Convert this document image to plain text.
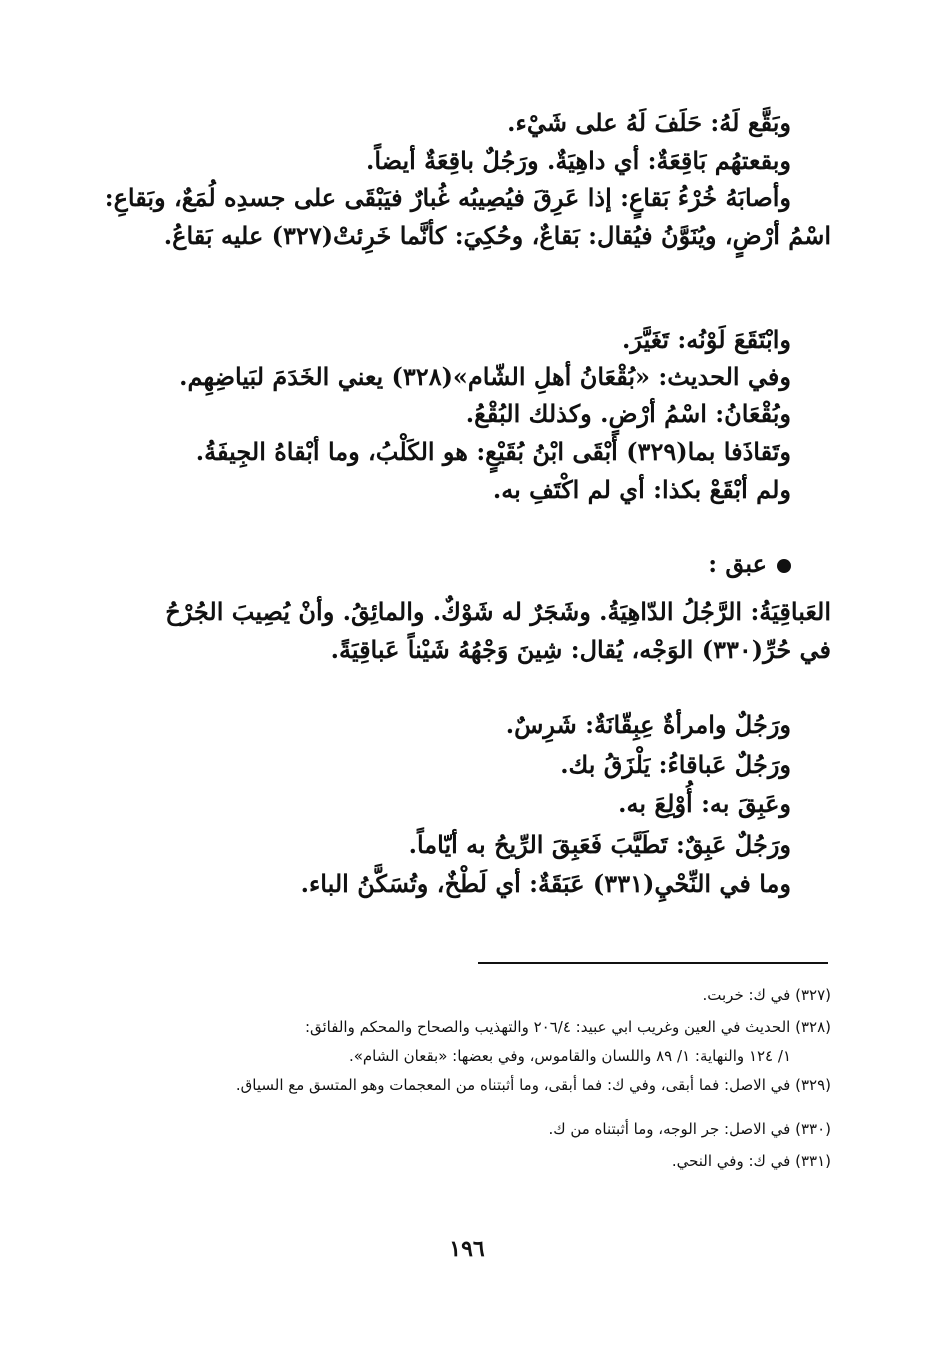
وبَقَّع لَهُ: حَلَفَ لَهُ على شَيْء.
وبقعتهُم بَاقِعَةٌ: أي داهِيَةٌ. ورَجُلٌ باقِعَةٌ أيضاً.
وأصابَهُ خُرْءُ بَقاعٍ: إذا عَرِقَ فيُصِيبُه غُبارٌ فيَبْقَى على جسدِه لُمَعٌ، وبَقاعِ:
اسْمُ أرْضٍ، ويُنَوَّنُ فيُقال: بَقاعٌ، وحُكِيَ: كأنَّما خَرِئتْ(٣٢٧) عليه بَقاعُ.
وابْتَقَعَ لَوْنُه: تَغَيَّرَ.
وفي الحديث: «بُقْعَانُ أهلِ الشّام»(٣٢٨) يعني الخَدَمَ لبَياضِهِم.
وبُقْعَانُ: اسْمُ أرْضٍ. وكذلك البُقْعُ.
وتَقاذَفا بما(٣٢٩) أبْقَى ابْنُ بُقَيْعٍ: هو الكَلْبُ، وما أبْقاهُ الجِيفَةُ.
ولم أبْقَعْ بكذا: أي لم اكْتَفِ به.
عبق :
العَباقِيَةُ: الرَّجُلُ الدّاهِيَةُ. وشَجَرٌ له شَوْكٌ. والمائِقُ. وأنْ يُصِيبَ الجُرْحُ
في حُرِّ(٣٣٠) الوَجْه، يُقال: شِينَ وَجْهُهُ شَيْناً عَباقِيَةً.
ورَجُلٌ وامرأةٌ عِبِقّانَةٌ: شَرِسٌ.
ورَجُلٌ عَباقاءُ: يَلْزَقُ بك.
وعَبِقَ به: أُوْلِعَ به.
ورَجُلٌ عَبِقٌ: تَطَيَّبَ فَعَبِقَ الرِّيحُ به أيّاماً.
وما في النِّحْيِ(٣٣١) عَبَقَةٌ: أي لَطْخٌ، وتُسَكَّنُ الباء.
(٣٢٧) في ك: خربت.
(٣٢٨) الحديث في العين وغريب ابي عبيد: ٢٠٦/٤ والتهذيب والصحاح والمحكم والفائق:
١/ ١٢٤ والنهاية: ١/ ٨٩ واللسان والقاموس، وفي بعضها: «بقعان الشام».
(٣٢٩) في الاصل: فما أبقى، وفي ك: فما أبقى، وما أثبتناه من المعجمات وهو المتسق مع السياق.
(٣٣٠) في الاصل: جر الوجه، وما أثبتناه من ك.
(٣٣١) في ك: وفي النحي.
١٩٦
